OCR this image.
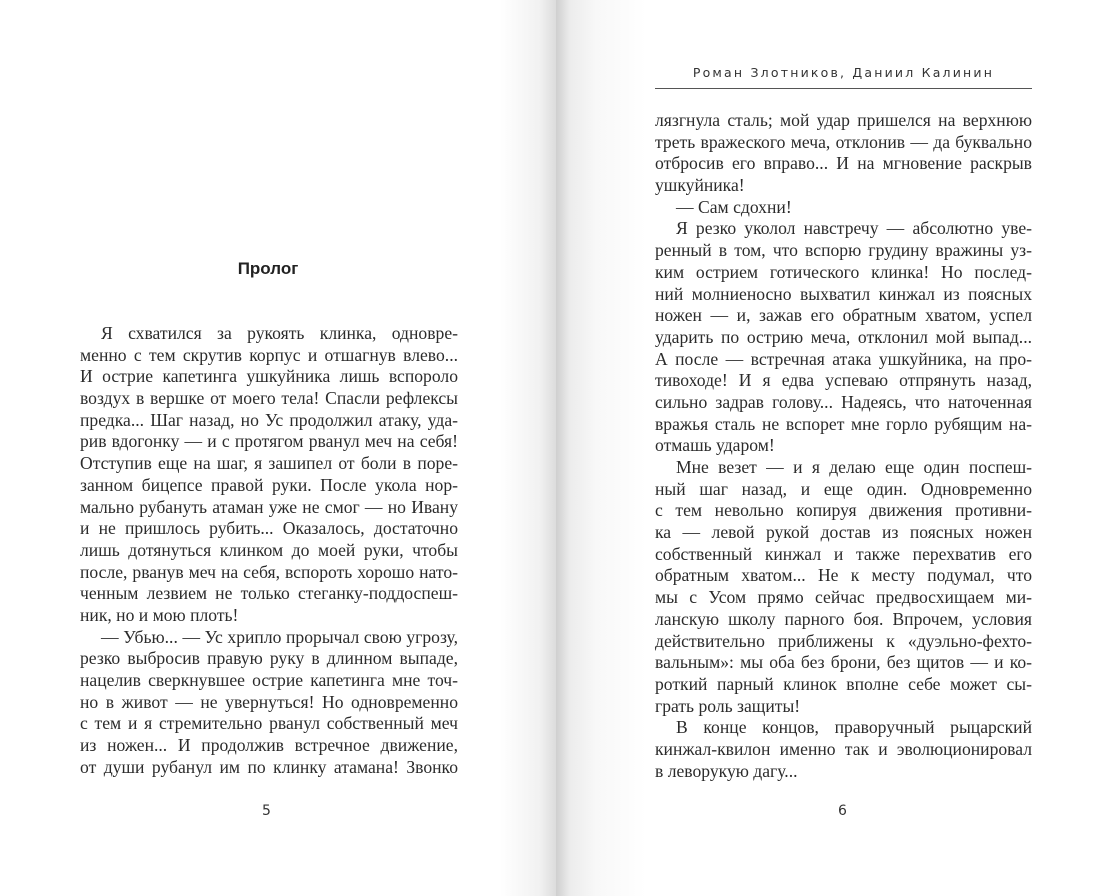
Пролог
Я схватился за рукоять клинка, одновре-
менно с тем скрутив корпус и отшагнув влево...
И острие капетинга ушкуйника лишь вспороло
воздух в вершке от моего тела! Спасли рефлексы
предка... Шаг назад, но Ус продолжил атаку, уда-
рив вдогонку — и с протягом рванул меч на себя!
Отступив еще на шаг, я зашипел от боли в поре-
занном бицепсе правой руки. После укола нор-
мально рубануть атаман уже не смог — но Ивану
и не пришлось рубить... Оказалось, достаточно
лишь дотянуться клинком до моей руки, чтобы
после, рванув меч на себя, вспороть хорошо нато-
ченным лезвием не только стеганку-поддоспеш-
ник, но и мою плоть!
— Убью... — Ус хрипло прорычал свою угрозу,
резко выбросив правую руку в длинном выпаде,
нацелив сверкнувшее острие капетинга мне точ-
но в живот — не увернуться! Но одновременно
с тем и я стремительно рванул собственный меч
из ножен... И продолжив встречное движение,
от души рубанул им по клинку атамана! Звонко
5
Роман Злотников, Даниил Калинин
лязгнула сталь; мой удар пришелся на верхнюю
треть вражеского меча, отклонив — да буквально
отбросив его вправо... И на мгновение раскрыв
ушкуйника!
— Сам сдохни!
Я резко уколол навстречу — абсолютно уве-
ренный в том, что вспорю грудину вражины уз-
ким острием готического клинка! Но послед-
ний молниеносно выхватил кинжал из поясных
ножен — и, зажав его обратным хватом, успел
ударить по острию меча, отклонил мой выпад...
А после — встречная атака ушкуйника, на про-
тивоходе! И я едва успеваю отпрянуть назад,
сильно задрав голову... Надеясь, что наточенная
вражья сталь не вспорет мне горло рубящим на-
отмашь ударом!
Мне везет — и я делаю еще один поспеш-
ный шаг назад, и еще один. Одновременно
с тем невольно копируя движения противни-
ка — левой рукой достав из поясных ножен
собственный кинжал и также перехватив его
обратным хватом... Не к месту подумал, что
мы с Усом прямо сейчас предвосхищаем ми-
ланскую школу парного боя. Впрочем, условия
действительно приближены к «дуэльно-фехто-
вальным»: мы оба без брони, без щитов — и ко-
роткий парный клинок вполне себе может сы-
грать роль защиты!
В конце концов, праворучный рыцарский
кинжал-квилон именно так и эволюционировал
в леворукую дагу...
6
